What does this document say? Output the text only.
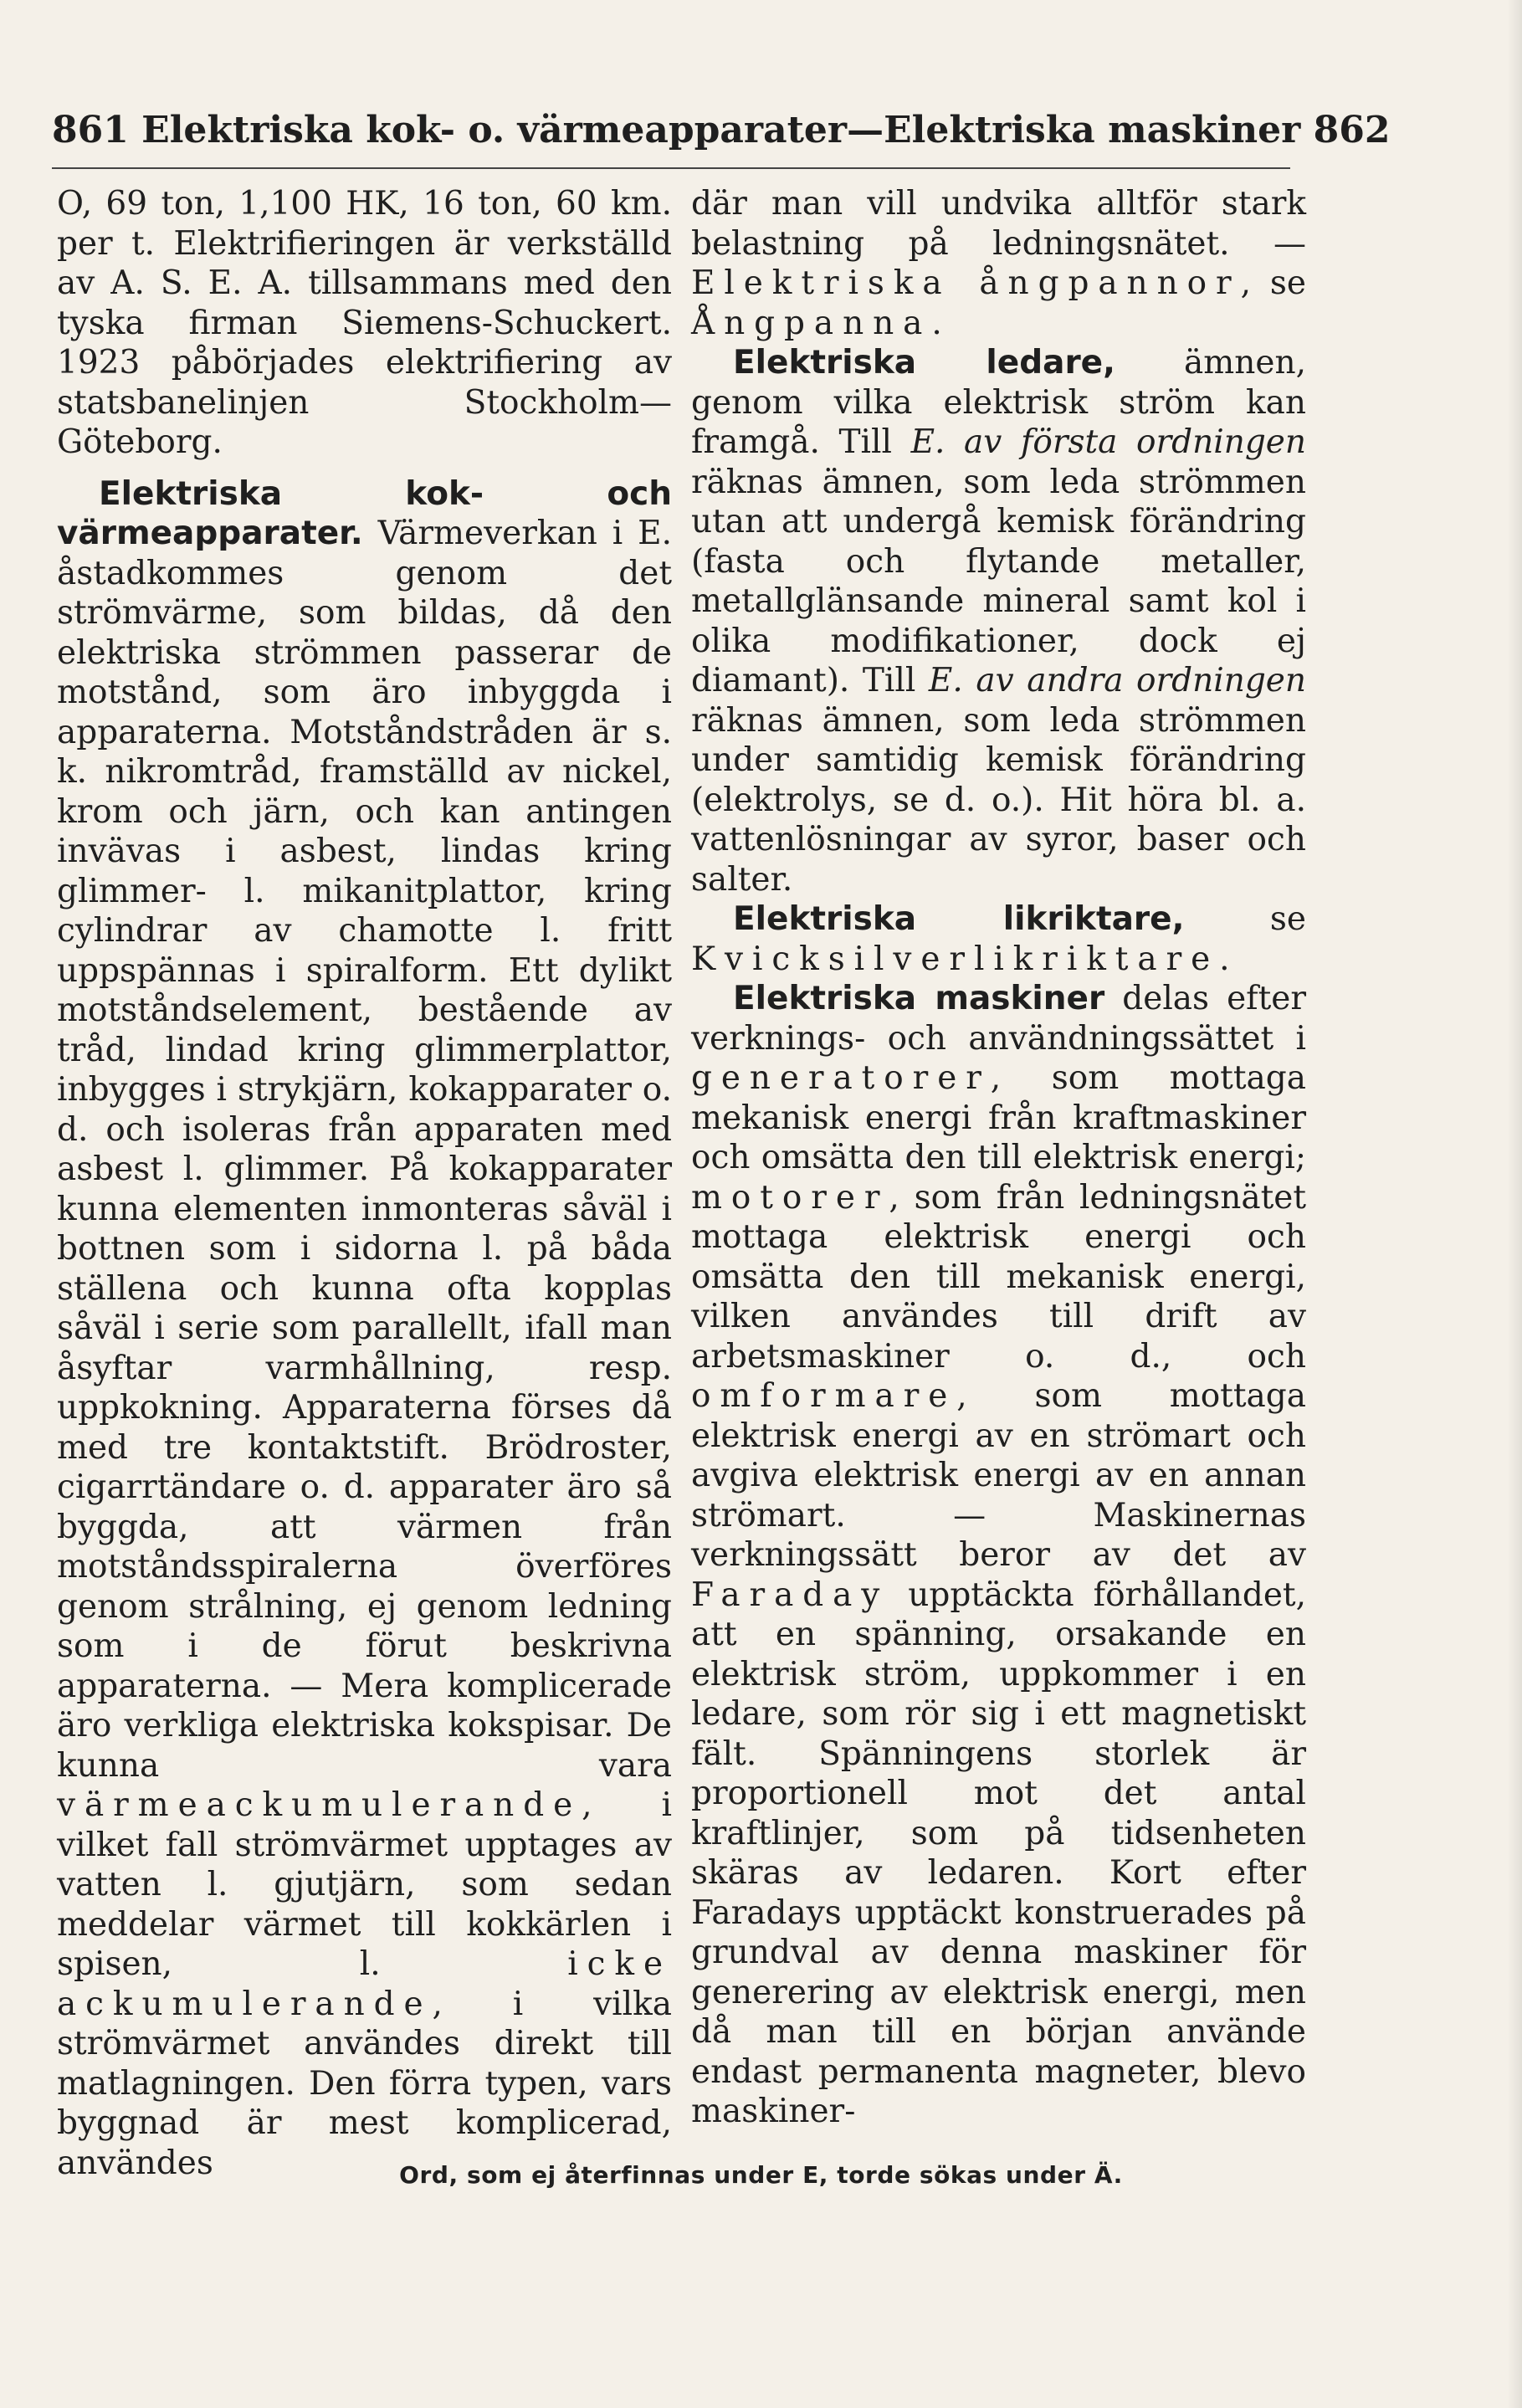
861 Elektriska kok- o. värmeapparater—Elektriska maskiner 862

O, 69 ton, 1,100 HK, 16 ton, 60 km. per t. Elektrifieringen är verkställd av A. S. E. A. tillsammans med den tyska firman Siemens-Schuckert. 1923 påbörjades elektrifiering av statsbanelinjen Stockholm—Göteborg.

Elektriska kok- och värmeapparater. Värmeverkan i E. åstadkommes genom det strömvärme, som bildas, då den elektriska strömmen passerar de motstånd, som äro inbyggda i apparaterna. Motståndstråden är s. k. nikromtråd, framställd av nickel, krom och järn, och kan antingen invävas i asbest, lindas kring glimmer- l. mikanitplattor, kring cylindrar av chamotte l. fritt uppspännas i spiralform. Ett dylikt motståndselement, bestående av tråd, lindad kring glimmerplattor, inbygges i strykjärn, kokapparater o. d. och isoleras från apparaten med asbest l. glimmer. På kokapparater kunna elementen inmonteras såväl i bottnen som i sidorna l. på båda ställena och kunna ofta kopplas såväl i serie som parallellt, ifall man åsyftar varmhållning, resp. uppkokning. Apparaterna förses då med tre kontaktstift. Brödroster, cigarrtändare o. d. apparater äro så byggda, att värmen från motståndsspiralerna överföres genom strålning, ej genom ledning som i de förut beskrivna apparaterna. — Mera komplicerade äro verkliga elektriska kokspisar. De kunna vara värmeackumulerande, i vilket fall strömvärmet upptages av vatten l. gjutjärn, som sedan meddelar värmet till kokkärlen i spisen, l. icke ackumulerande, i vilka strömvärmet användes direkt till matlagningen. Den förra typen, vars byggnad är mest komplicerad, användes

där man vill undvika alltför stark belastning på ledningsnätet. — Elektriska ångpannor, se Ångpanna.

Elektriska ledare, ämnen, genom vilka elektrisk ström kan framgå. Till E. av första ordningen räknas ämnen, som leda strömmen utan att undergå kemisk förändring (fasta och flytande metaller, metallglänsande mineral samt kol i olika modifikationer, dock ej diamant). Till E. av andra ordningen räknas ämnen, som leda strömmen under samtidig kemisk förändring (elektrolys, se d. o.). Hit höra bl. a. vattenlösningar av syror, baser och salter.

Elektriska likriktare, se Kvicksilverlikriktare.

Elektriska maskiner delas efter verknings- och användningssättet i generatorer, som mottaga mekanisk energi från kraftmaskiner och omsätta den till elektrisk energi; motorer, som från ledningsnätet mottaga elektrisk energi och omsätta den till mekanisk energi, vilken användes till drift av arbetsmaskiner o. d., och omformare, som mottaga elektrisk energi av en strömart och avgiva elektrisk energi av en annan strömart. — Maskinernas verkningssätt beror av det av Faraday upptäckta förhållandet, att en spänning, orsakande en elektrisk ström, uppkommer i en ledare, som rör sig i ett magnetiskt fält. Spänningens storlek är proportionell mot det antal kraftlinjer, som på tidsenheten skäras av ledaren. Kort efter Faradays upptäckt konstruerades på grundval av denna maskiner för generering av elektrisk energi, men då man till en början använde endast permanenta magneter, blevo maskiner-

Ord, som ej återfinnas under E, torde sökas under Ä.
